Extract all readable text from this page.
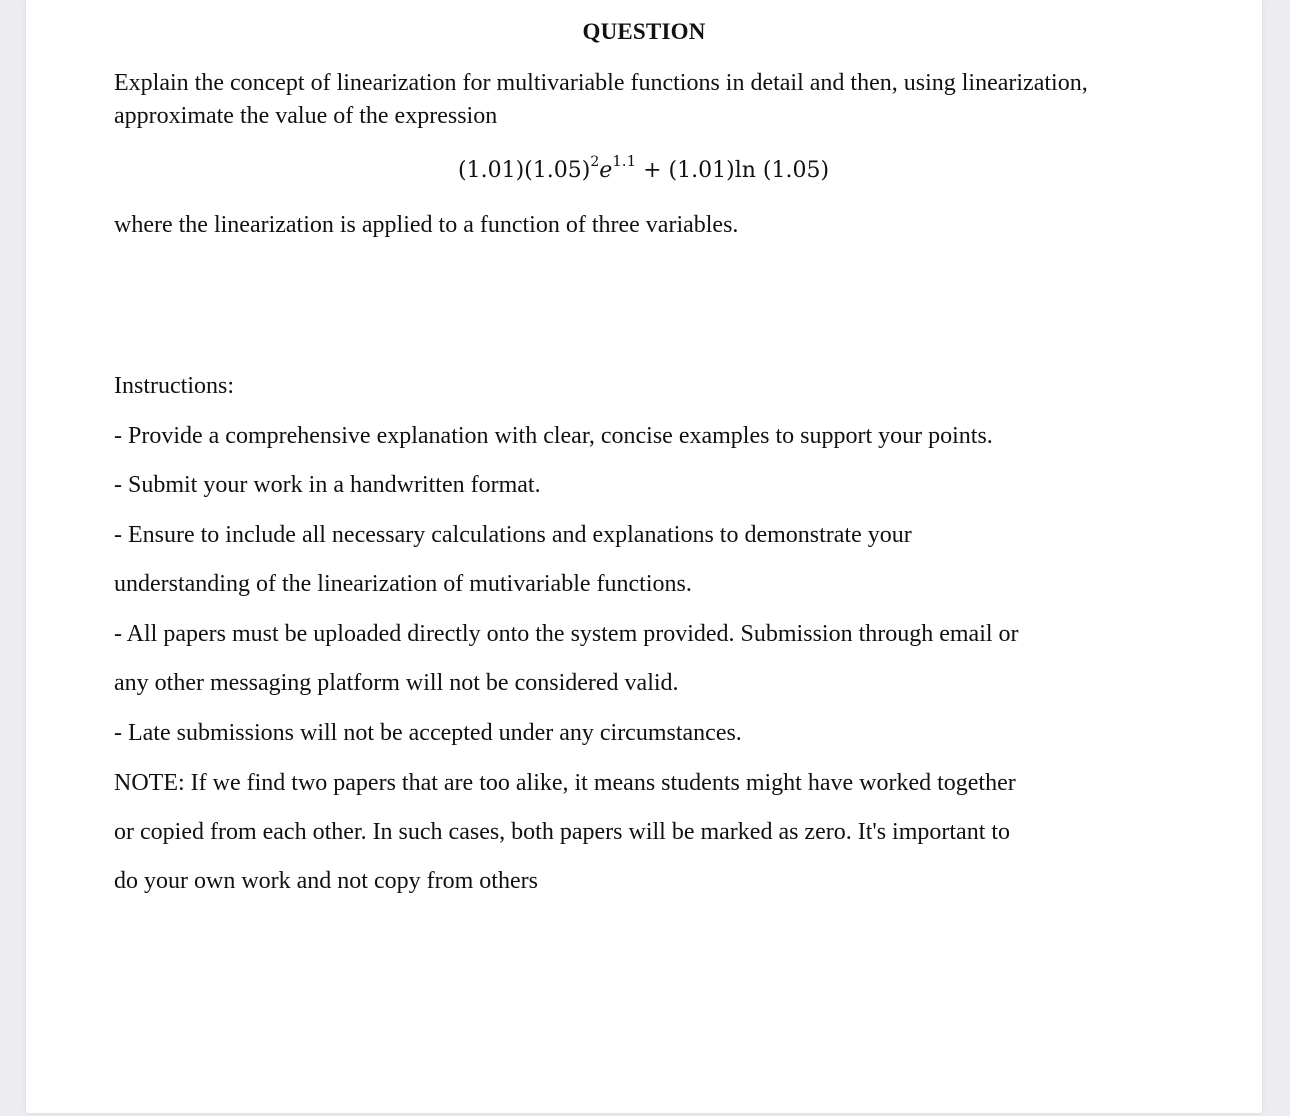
QUESTION
Explain the concept of linearization for multivariable functions in detail and then, using linearization,
approximate the value of the expression
$(1.01)(1.05)^2e^{1.1} + (1.01)\ln$ (1.05)
where the linearization is applied to a function of three variables.
Instructions:
- Provide a comprehensive explanation with clear, concise examples to support your points.
- Submit your work in a handwritten format.
- Ensure to include all necessary calculations and explanations to demonstrate your
understanding of the linearization of mutivariable functions.
- All papers must be uploaded directly onto the system provided. Submission through email or
any other messaging platform will not be considered valid.
- Late submissions will not be accepted under any circumstances.
NOTE: If we find two papers that are too alike, it means students might have worked together
or copied from each other. In such cases, both papers will be marked as zero. It's important to
do your own work and not copy from others
